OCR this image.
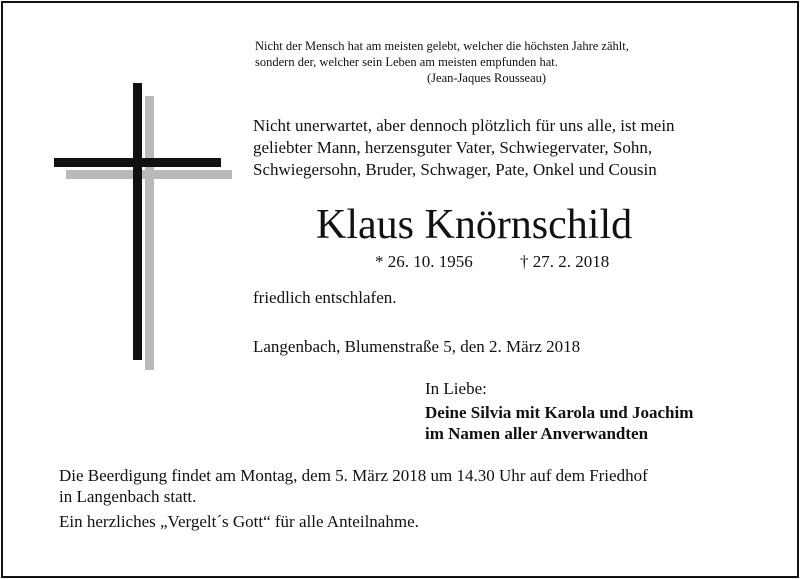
Nicht der Mensch hat am meisten gelebt, welcher die höchsten Jahre zählt,
sondern der, welcher sein Leben am meisten empfunden hat.
(Jean-Jaques Rousseau)
Nicht unerwartet, aber dennoch plötzlich für uns alle, ist mein
geliebter Mann, herzensguter Vater, Schwiegervater, Sohn,
Schwiegersohn, Bruder, Schwager, Pate, Onkel und Cousin
Klaus Knörnschild
* 26. 10. 1956	† 27. 2. 2018
friedlich entschlafen.
Langenbach, Blumenstraße 5, den 2. März 2018
In Liebe:
Deine Silvia mit Karola und Joachim
im Namen aller Anverwandten
Die Beerdigung findet am Montag, dem 5. März 2018 um 14.30 Uhr auf dem Friedhof
in Langenbach statt.
Ein herzliches „Vergelt´s Gott“ für alle Anteilnahme.
